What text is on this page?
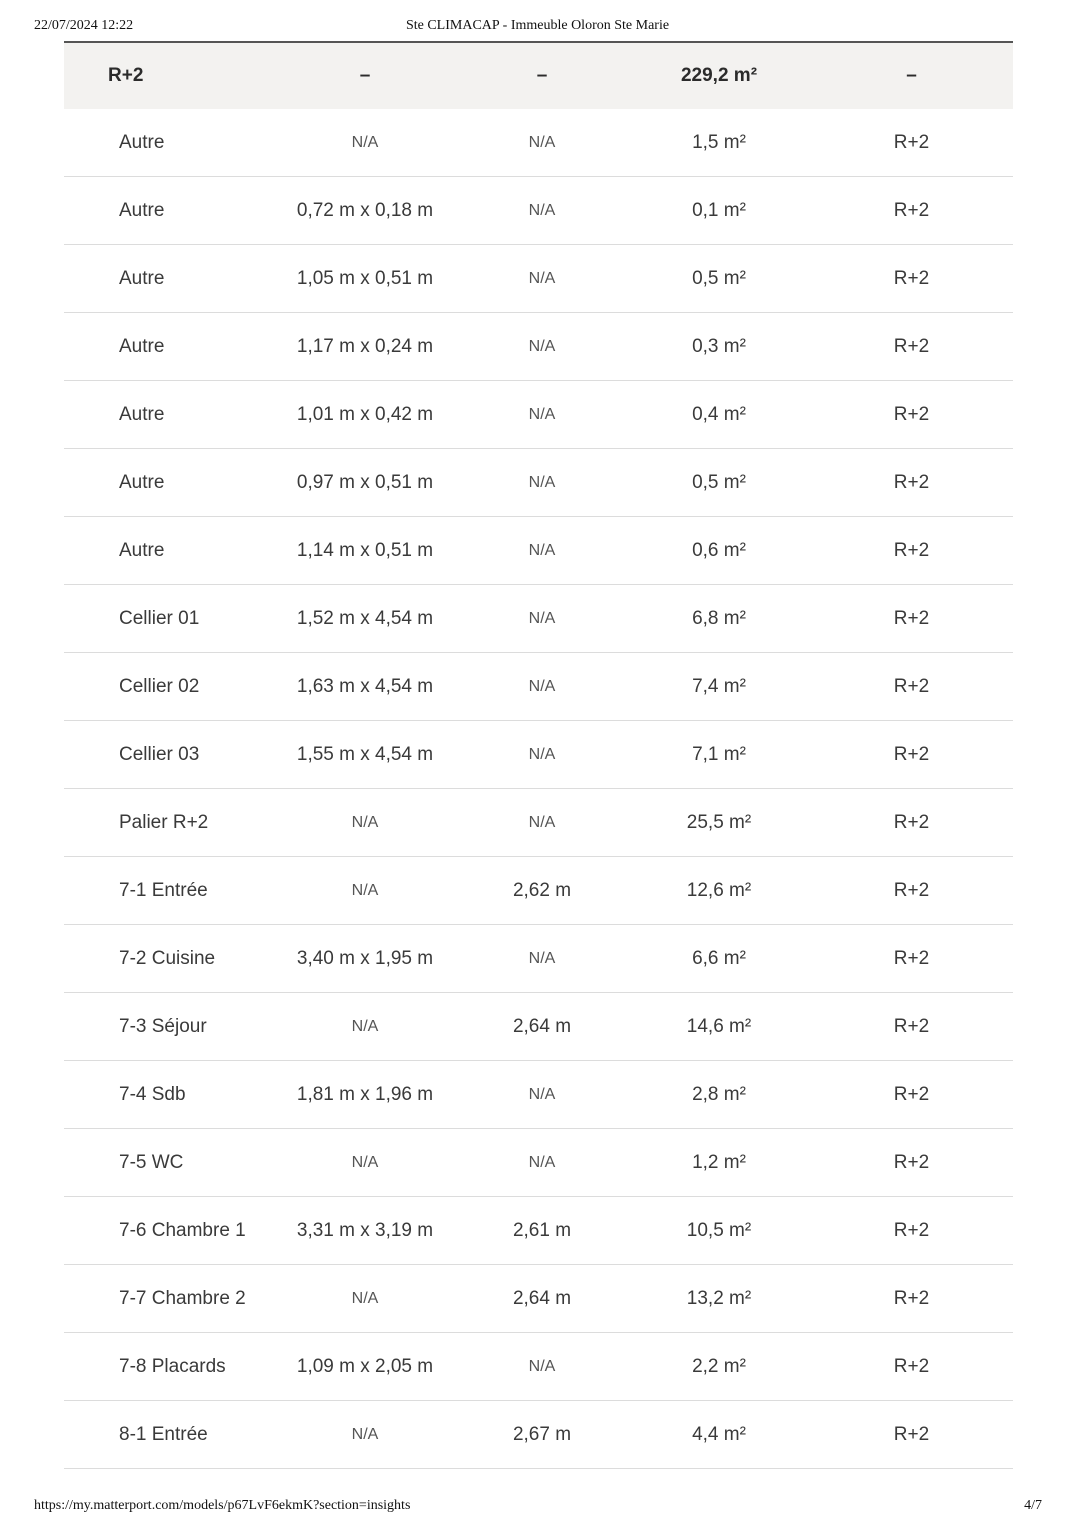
22/07/2024 12:22	Ste CLIMACAP - Immeuble Oloron Ste Marie
R+2	–	–	229,2 m²	–
Autre	N/A	N/A	1,5 m²	R+2
Autre	0,72 m x 0,18 m	N/A	0,1 m²	R+2
Autre	1,05 m x 0,51 m	N/A	0,5 m²	R+2
Autre	1,17 m x 0,24 m	N/A	0,3 m²	R+2
Autre	1,01 m x 0,42 m	N/A	0,4 m²	R+2
Autre	0,97 m x 0,51 m	N/A	0,5 m²	R+2
Autre	1,14 m x 0,51 m	N/A	0,6 m²	R+2
Cellier 01	1,52 m x 4,54 m	N/A	6,8 m²	R+2
Cellier 02	1,63 m x 4,54 m	N/A	7,4 m²	R+2
Cellier 03	1,55 m x 4,54 m	N/A	7,1 m²	R+2
Palier R+2	N/A	N/A	25,5 m²	R+2
7-1 Entrée	N/A	2,62 m	12,6 m²	R+2
7-2 Cuisine	3,40 m x 1,95 m	N/A	6,6 m²	R+2
7-3 Séjour	N/A	2,64 m	14,6 m²	R+2
7-4 Sdb	1,81 m x 1,96 m	N/A	2,8 m²	R+2
7-5 WC	N/A	N/A	1,2 m²	R+2
7-6 Chambre 1	3,31 m x 3,19 m	2,61 m	10,5 m²	R+2
7-7 Chambre 2	N/A	2,64 m	13,2 m²	R+2
7-8 Placards	1,09 m x 2,05 m	N/A	2,2 m²	R+2
8-1 Entrée	N/A	2,67 m	4,4 m²	R+2
https://my.matterport.com/models/p67LvF6ekmK?section=insights	4/7
